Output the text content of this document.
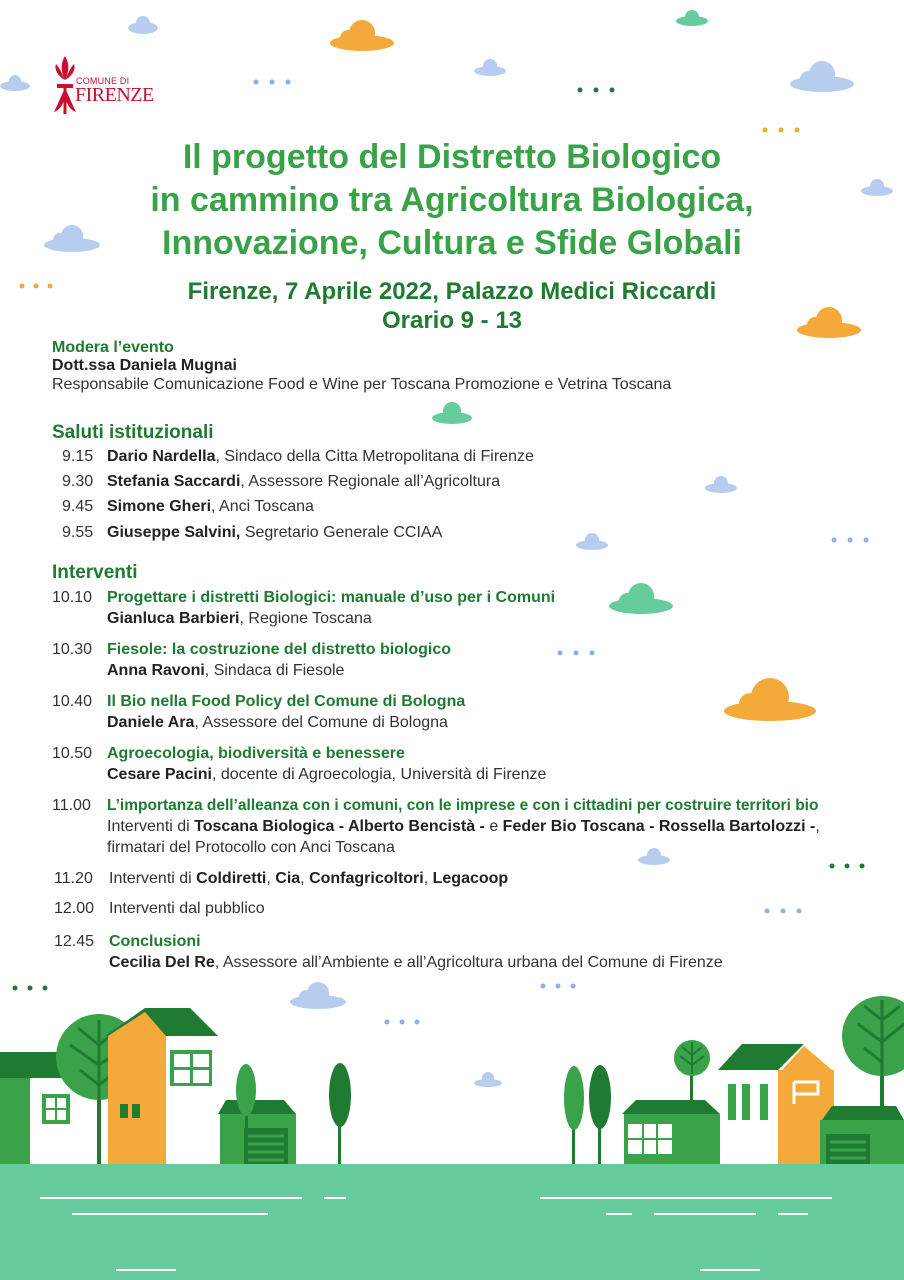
COMUNE DI
FIRENZE
Il progetto del Distretto Biologico
in cammino tra Agricoltura Biologica,
Innovazione, Cultura e Sfide Globali
Firenze, 7 Aprile 2022, Palazzo Medici Riccardi
Orario 9 - 13
Modera l’evento
Dott.ssa Daniela Mugnai
Responsabile Comunicazione Food e Wine per Toscana Promozione e Vetrina Toscana
Saluti istituzionali
9.15 Dario Nardella, Sindaco della Citta Metropolitana di Firenze
9.30 Stefania Saccardi, Assessore Regionale all’Agricoltura
9.45 Simone Gheri, Anci Toscana
9.55 Giuseppe Salvini, Segretario Generale CCIAA
Interventi
10.10 Progettare i distretti Biologici: manuale d’uso per i Comuni
Gianluca Barbieri, Regione Toscana
10.30 Fiesole: la costruzione del distretto biologico
Anna Ravoni, Sindaca di Fiesole
10.40 Il Bio nella Food Policy del Comune di Bologna
Daniele Ara, Assessore del Comune di Bologna
10.50 Agroecologia, biodiversità e benessere
Cesare Pacini, docente di Agroecologia, Università di Firenze
11.00 L’importanza dell’alleanza con i comuni, con le imprese e con i cittadini per costruire territori bio
Interventi di Toscana Biologica - Alberto Bencistà - e Feder Bio Toscana - Rossella Bartolozzi -,
firmatari del Protocollo con Anci Toscana
11.20 Interventi di Coldiretti, Cia, Confagricoltori, Legacoop
12.00 Interventi dal pubblico
12.45 Conclusioni
Cecilia Del Re, Assessore all’Ambiente e all’Agricoltura urbana del Comune di Firenze
